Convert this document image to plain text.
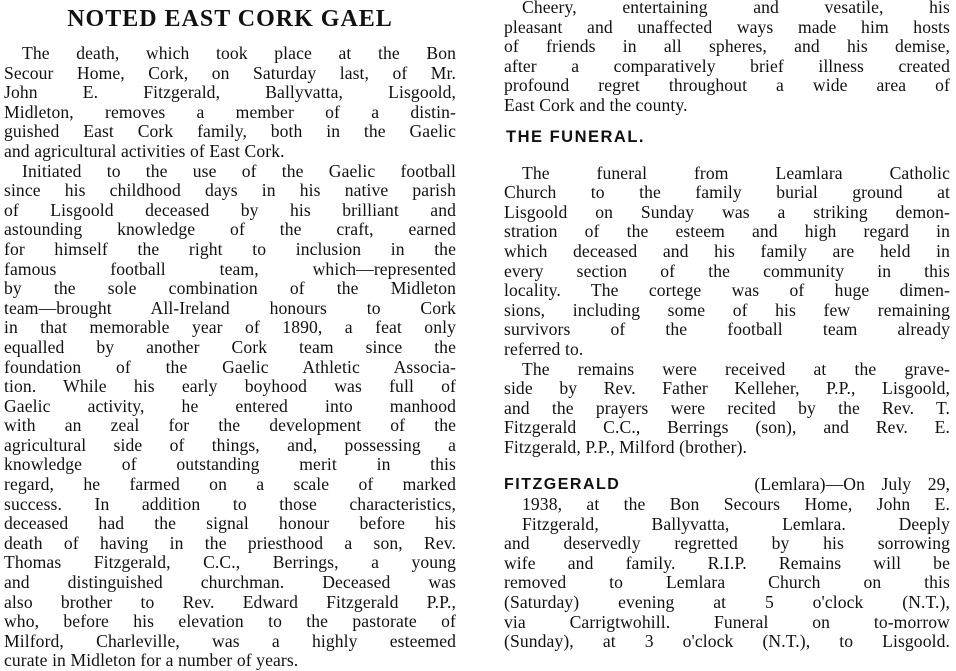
NOTED EAST CORK GAEL
The death, which took place at the Bon
Secour Home, Cork, on Saturday last, of Mr.
John E. Fitzgerald, Ballyvatta, Lisgoold,
Midleton, removes a member of a distin-
guished East Cork family, both in the Gaelic
and agricultural activities of East Cork.
Initiated to the use of the Gaelic football
since his childhood days in his native parish
of Lisgoold deceased by his brilliant and
astounding knowledge of the craft, earned
for himself the right to inclusion in the
famous football team, which—represented
by the sole combination of the Midleton
team—brought All-Ireland honours to Cork
in that memorable year of 1890, a feat only
equalled by another Cork team since the
foundation of the Gaelic Athletic Associa-
tion. While his early boyhood was full of
Gaelic activity, he entered into manhood
with an zeal for the development of the
agricultural side of things, and, possessing a
knowledge of outstanding merit in this
regard, he farmed on a scale of marked
success. In addition to those characteristics,
deceased had the signal honour before his
death of having in the priesthood a son, Rev.
Thomas Fitzgerald, C.C., Berrings, a young
and distinguished churchman. Deceased was
also brother to Rev. Edward Fitzgerald P.P.,
who, before his elevation to the pastorate of
Milford, Charleville, was a highly esteemed
curate in Midleton for a number of years.
Cheery, entertaining and vesatile, his
pleasant and unaffected ways made him hosts
of friends in all spheres, and his demise,
after a comparatively brief illness created
profound regret throughout a wide area of
East Cork and the county.
THE FUNERAL.
The funeral from Leamlara Catholic
Church to the family burial ground at
Lisgoold on Sunday was a striking demon-
stration of the esteem and high regard in
which deceased and his family are held in
every section of the community in this
locality. The cortege was of huge dimen-
sions, including some of his few remaining
survivors of the football team already
referred to.
The remains were received at the grave-
side by Rev. Father Kelleher, P.P., Lisgoold,
and the prayers were recited by the Rev. T.
Fitzgerald C.C., Berrings (son), and Rev. E.
Fitzgerald, P.P., Milford (brother).
FITZGERALD	(Lemlara)—On July 29,
1938, at the Bon Secours Home, John E.
Fitzgerald, Ballyvatta, Lemlara. Deeply
and deservedly regretted by his sorrowing
wife and family. R.I.P. Remains will be
removed to Lemlara Church on this
(Saturday) evening at 5 o'clock (N.T.),
via Carrigtwohill. Funeral on to-morrow
(Sunday), at 3 o'clock (N.T.), to Lisgoold.
